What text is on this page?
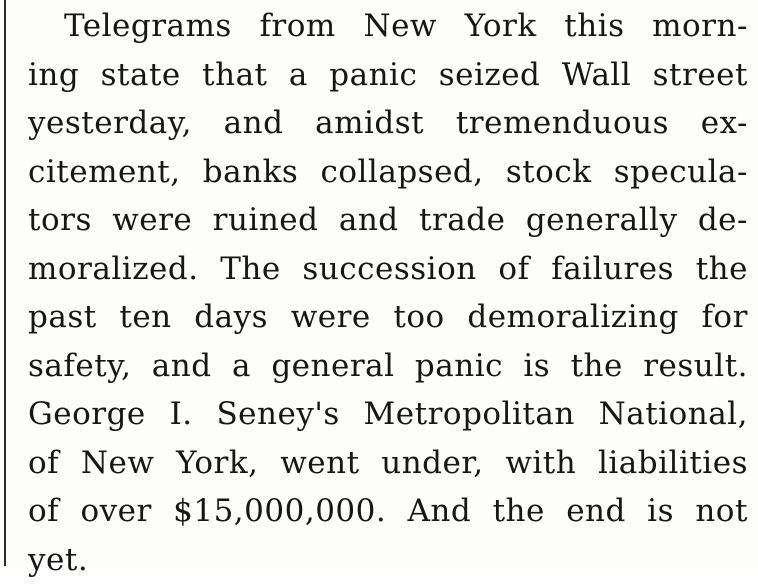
Telegrams from New York this morn-
ing state that a panic seized Wall street
yesterday, and amidst tremenduous ex-
citement, banks collapsed, stock specula-
tors were ruined and trade generally de-
moralized. The succession of failures the
past ten days were too demoralizing for
safety, and a general panic is the result.
George I. Seney's Metropolitan National,
of New York, went under, with liabilities
of over $15,000,000. And the end is not
yet.
